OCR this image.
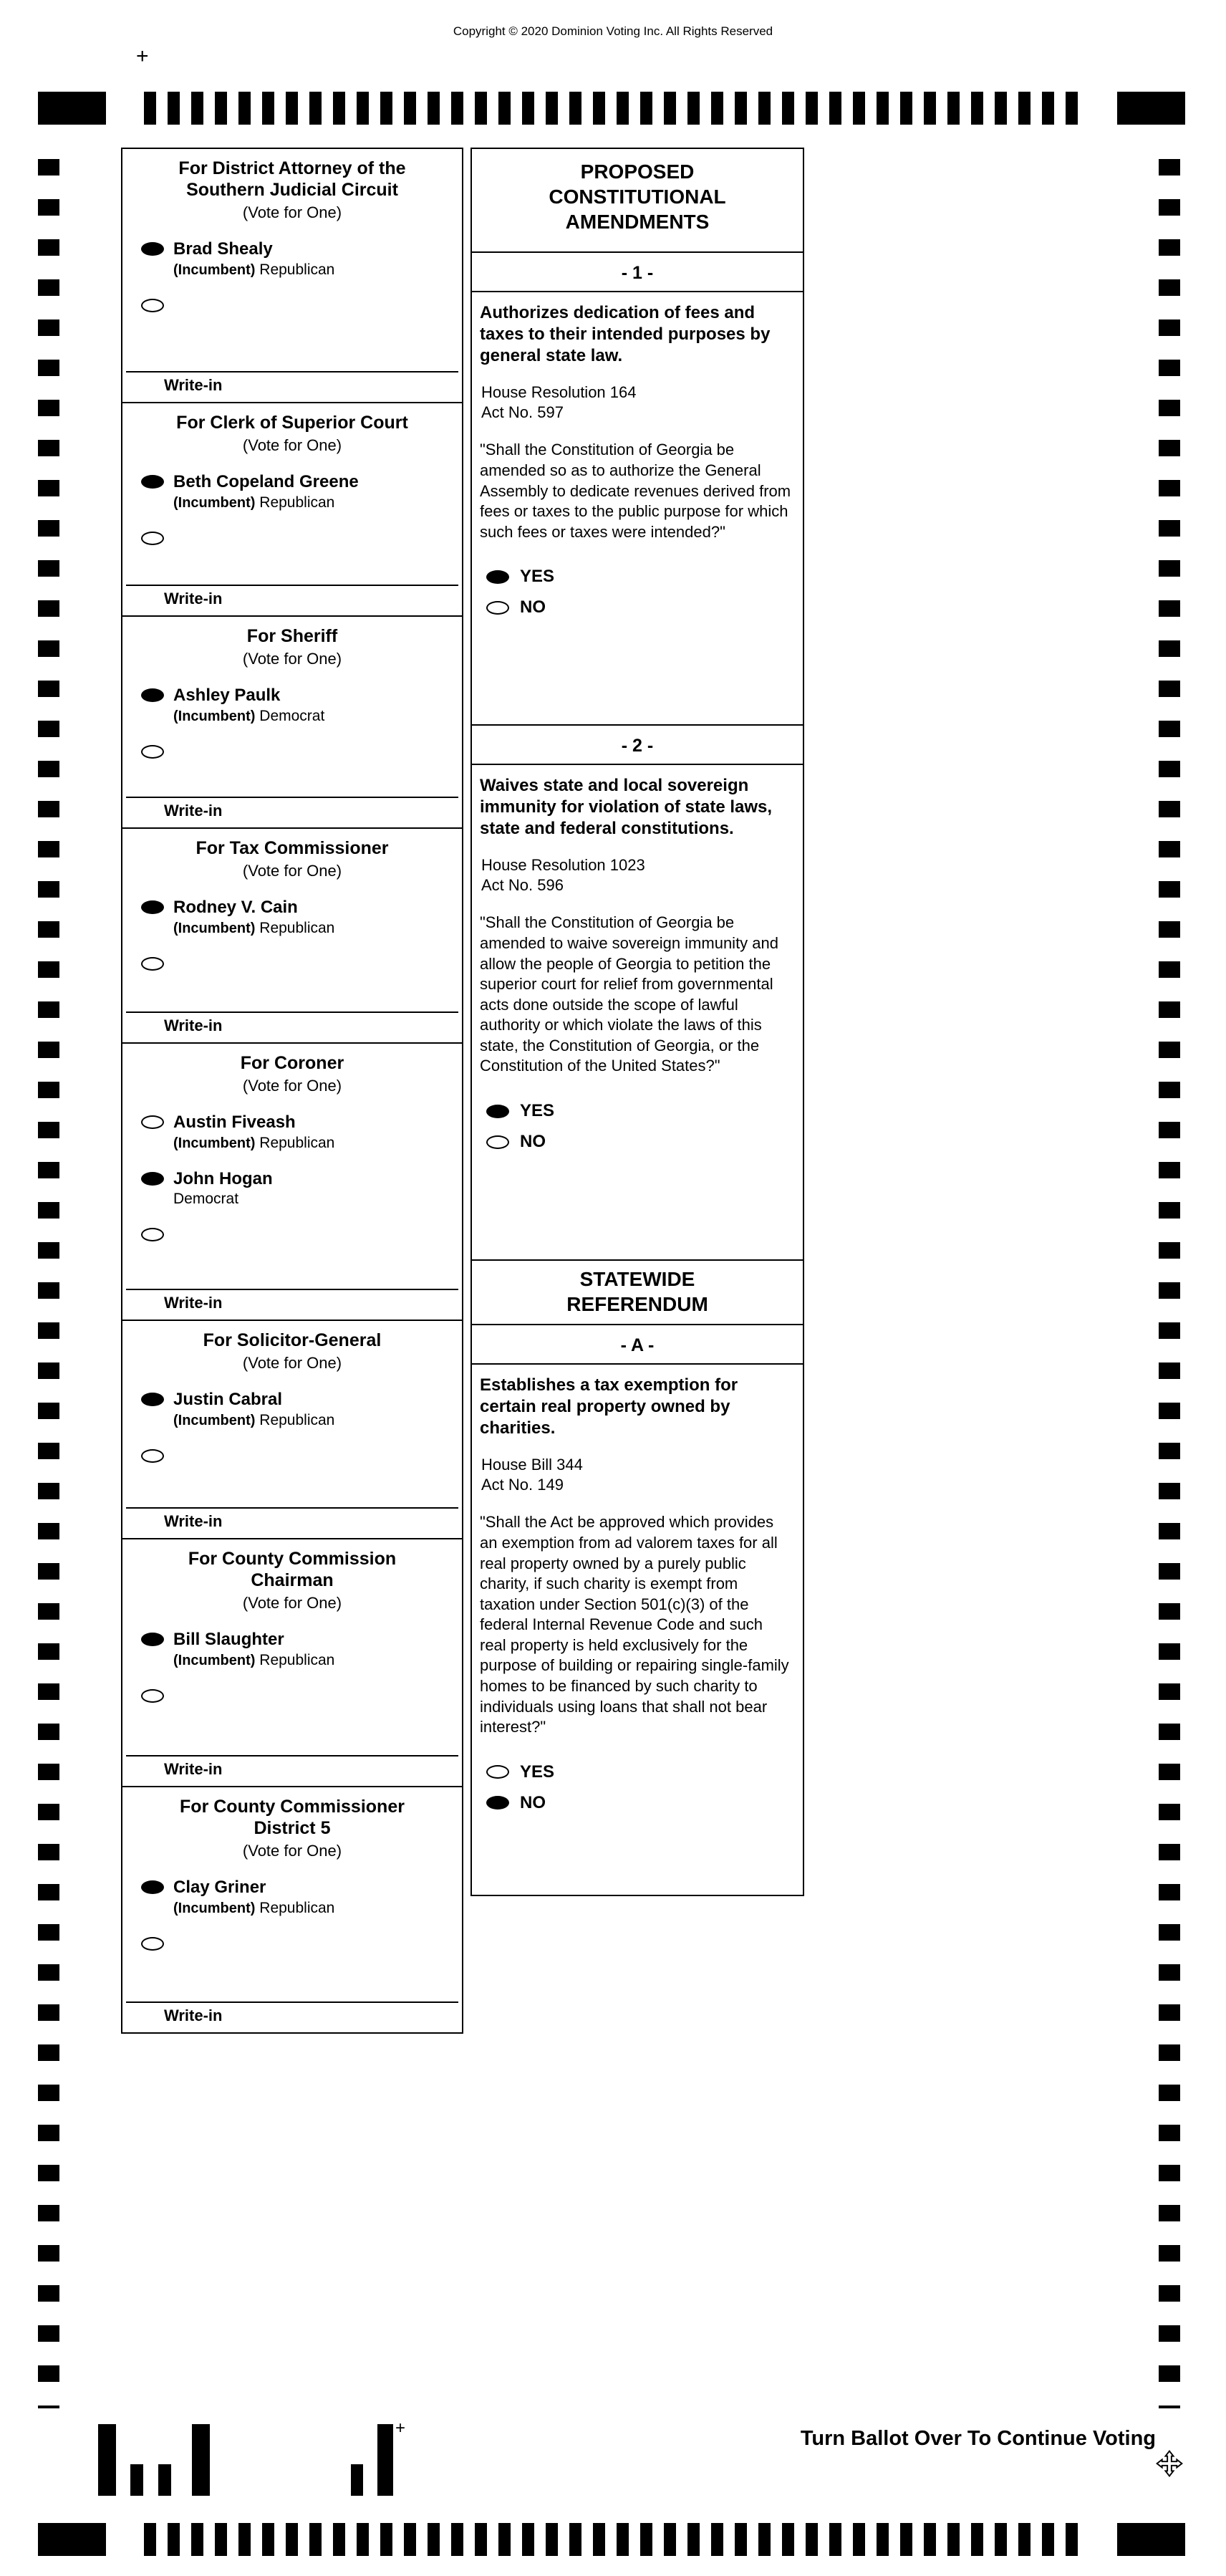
Copyright © 2020 Dominion Voting Inc. All Rights Reserved
+
For District Attorney of the Southern Judicial Circuit
(Vote for One)
Brad Shealy
(Incumbent) Republican
Write-in
For Clerk of Superior Court
(Vote for One)
Beth Copeland Greene
(Incumbent) Republican
Write-in
For Sheriff
(Vote for One)
Ashley Paulk
(Incumbent) Democrat
Write-in
For Tax Commissioner
(Vote for One)
Rodney V. Cain
(Incumbent) Republican
Write-in
For Coroner
(Vote for One)
Austin Fiveash
(Incumbent) Republican
John Hogan
Democrat
Write-in
For Solicitor-General
(Vote for One)
Justin Cabral
(Incumbent) Republican
Write-in
For County Commission Chairman
(Vote for One)
Bill Slaughter
(Incumbent) Republican
Write-in
For County Commissioner District 5
(Vote for One)
Clay Griner
(Incumbent) Republican
Write-in
PROPOSED CONSTITUTIONAL AMENDMENTS
- 1 -
Authorizes dedication of fees and taxes to their intended purposes by general state law.
House Resolution 164
Act No. 597
"Shall the Constitution of Georgia be amended so as to authorize the General Assembly to dedicate revenues derived from fees or taxes to the public purpose for which such fees or taxes were intended?"
YES
NO
- 2 -
Waives state and local sovereign immunity for violation of state laws, state and federal constitutions.
House Resolution 1023
Act No. 596
"Shall the Constitution of Georgia be amended to waive sovereign immunity and allow the people of Georgia to petition the superior court for relief from governmental acts done outside the scope of lawful authority or which violate the laws of this state, the Constitution of Georgia, or the Constitution of the United States?"
YES
NO
STATEWIDE REFERENDUM
- A -
Establishes a tax exemption for certain real property owned by charities.
House Bill 344
Act No. 149
"Shall the Act be approved which provides an exemption from ad valorem taxes for all real property owned by a purely public charity, if such charity is exempt from taxation under Section 501(c)(3) of the federal Internal Revenue Code and such real property is held exclusively for the purpose of building or repairing single-family homes to be financed by such charity to individuals using loans that shall not bear interest?"
YES
NO
+	Turn Ballot Over To Continue Voting
